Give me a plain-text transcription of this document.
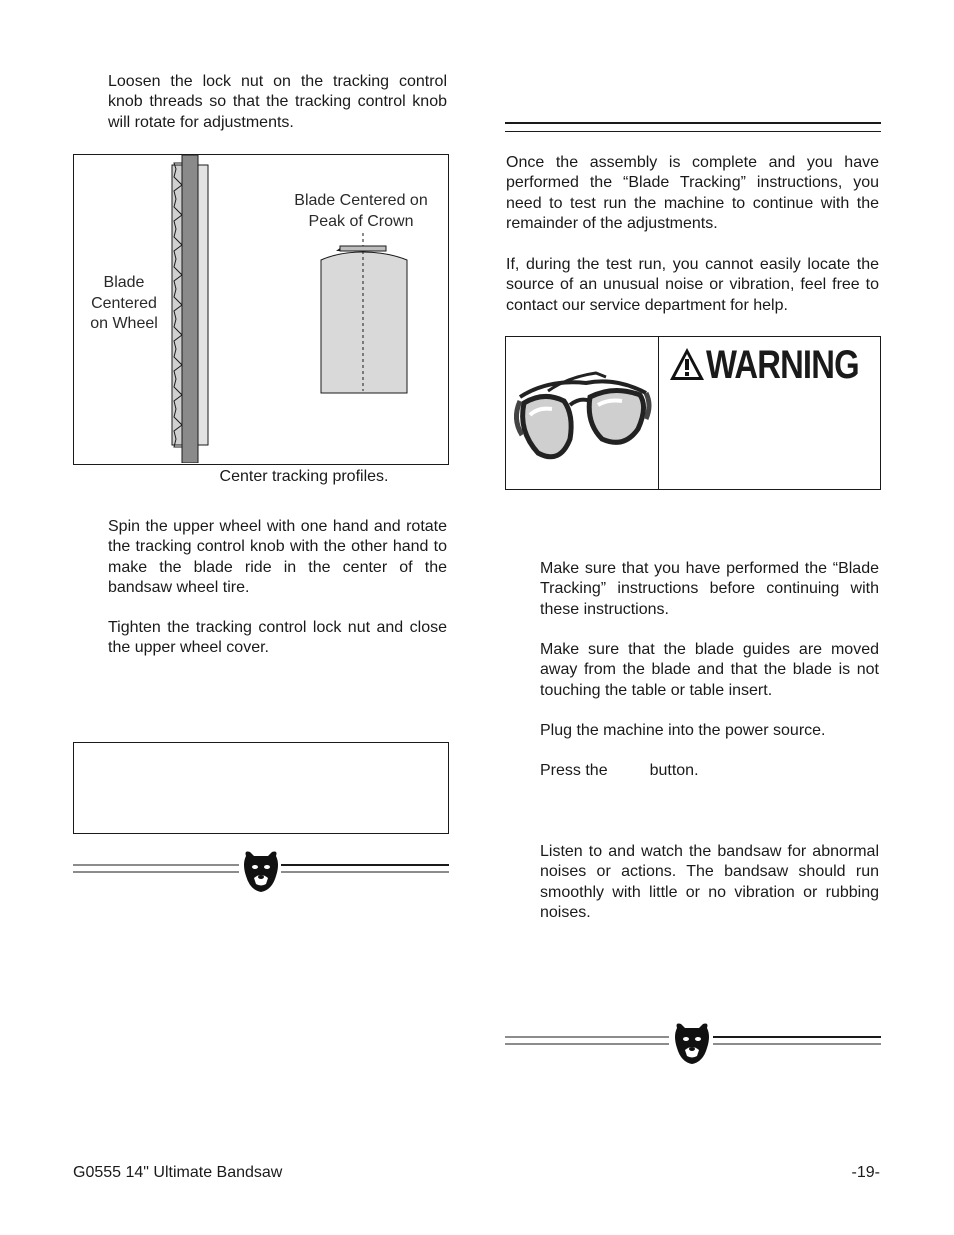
Loosen the lock nut on the tracking control knob threads so that the tracking control knob will rotate for adjustments.

Blade Centered on Wheel
Blade Centered on Peak of Crown
Center tracking profiles.

Spin the upper wheel with one hand and rotate the tracking control knob with the other hand to make the blade ride in the center of the bandsaw wheel tire.

Tighten the tracking control lock nut and close the upper wheel cover.

Once the assembly is complete and you have performed the “Blade Tracking” instructions, you need to test run the machine to continue with the remainder of the adjustments.

If, during the test run, you cannot easily locate the source of an unusual noise or vibration, feel free to contact our service department for help.

WARNING

Make sure that you have performed the “Blade Tracking” instructions before continuing with these instructions.

Make sure that the blade guides are moved away from the blade and that the blade is not touching the table or table insert.

Plug the machine into the power source.

Press the	button.

Listen to and watch the bandsaw for abnormal noises or actions. The bandsaw should run smoothly with little or no vibration or rubbing noises.

G0555 14" Ultimate Bandsaw	-19-
